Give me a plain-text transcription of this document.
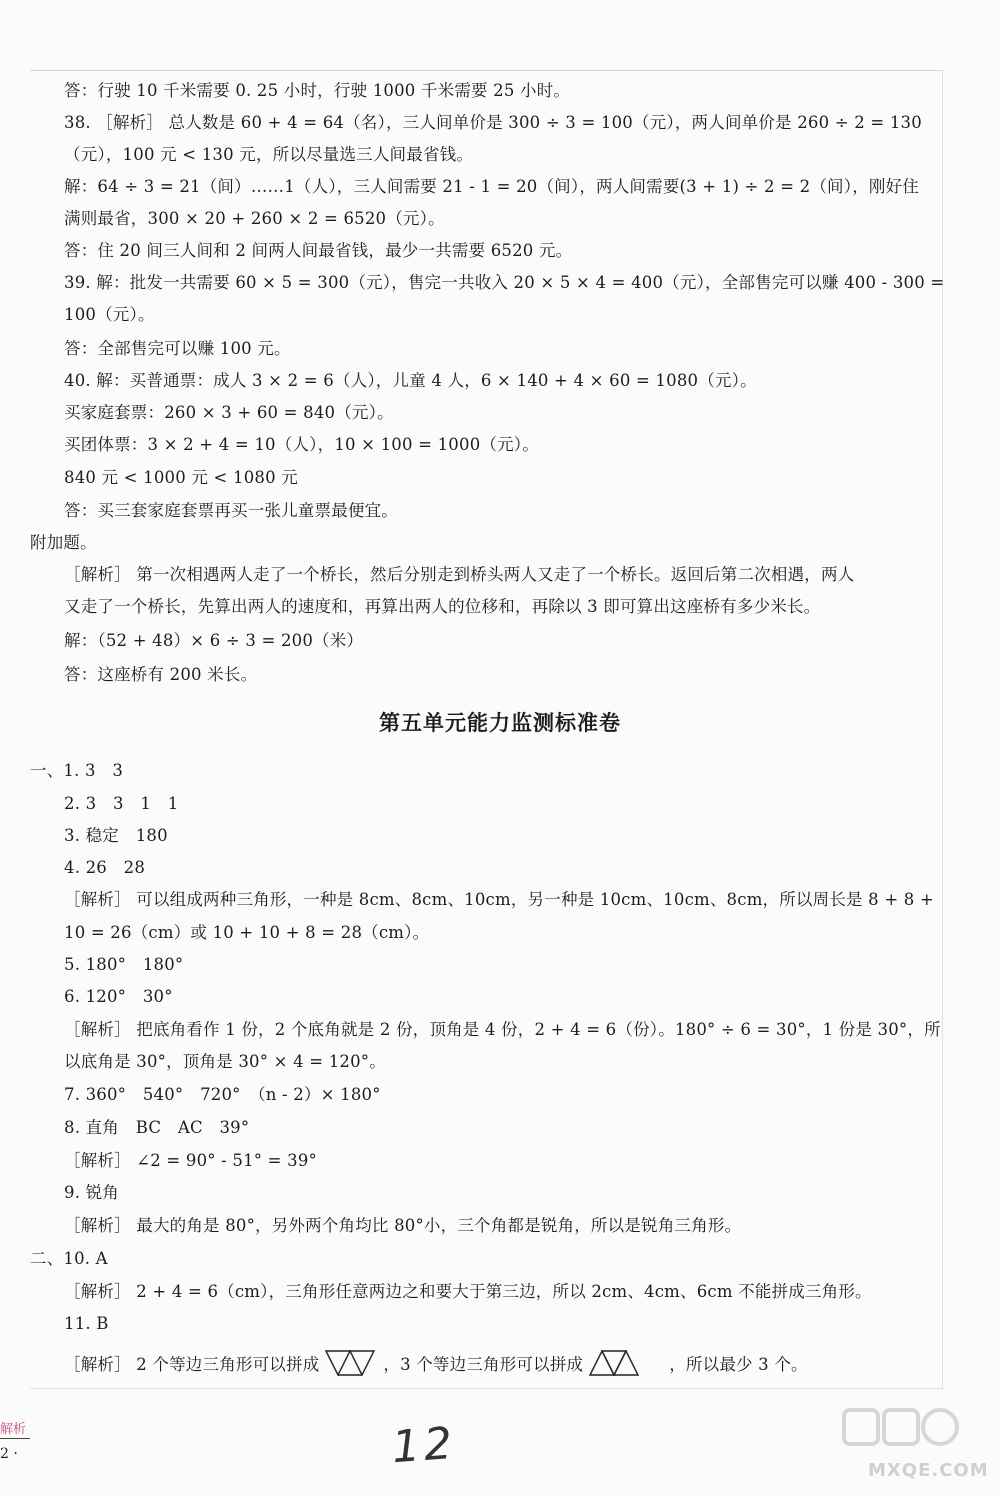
答：行驶 10 千米需要 0. 25 小时，行驶 1000 千米需要 25 小时。
38. ［解析］ 总人数是 60 + 4 = 64（名），三人间单价是 300 ÷ 3 = 100（元），两人间单价是 260 ÷ 2 = 130
（元），100 元 < 130 元，所以尽量选三人间最省钱。
解：64 ÷ 3 = 21（间）……1（人），三人间需要 21 - 1 = 20（间），两人间需要(3 + 1) ÷ 2 = 2（间），刚好住
满则最省，300 × 20 + 260 × 2 = 6520（元）。
答：住 20 间三人间和 2 间两人间最省钱，最少一共需要 6520 元。
39. 解：批发一共需要 60 × 5 = 300（元），售完一共收入 20 × 5 × 4 = 400（元），全部售完可以赚 400 - 300 =
100（元）。
答：全部售完可以赚 100 元。
40. 解：买普通票：成人 3 × 2 = 6（人），儿童 4 人，6 × 140 + 4 × 60 = 1080（元）。
买家庭套票：260 × 3 + 60 = 840（元）。
买团体票：3 × 2 + 4 = 10（人），10 × 100 = 1000（元）。
840 元 < 1000 元 < 1080 元
答：买三套家庭套票再买一张儿童票最便宜。
附加题。
［解析］ 第一次相遇两人走了一个桥长，然后分别走到桥头两人又走了一个桥长。返回后第二次相遇，两人
又走了一个桥长，先算出两人的速度和，再算出两人的位移和，再除以 3 即可算出这座桥有多少米长。
解：（52 + 48）× 6 ÷ 3 = 200（米）
答：这座桥有 200 米长。
第五单元能力监测标准卷
一、1. 3　3
2. 3　3　1　1
3. 稳定　180
4. 26　28
［解析］ 可以组成两种三角形，一种是 8cm、8cm、10cm，另一种是 10cm、10cm、8cm，所以周长是 8 + 8 +
10 = 26（cm）或 10 + 10 + 8 = 28（cm）。
5. 180°　180°
6. 120°　30°
［解析］ 把底角看作 1 份，2 个底角就是 2 份，顶角是 4 份，2 + 4 = 6（份）。180° ÷ 6 = 30°，1 份是 30°，所
以底角是 30°，顶角是 30° × 4 = 120°。
7. 360°　540°　720°　（n - 2）× 180°
8. 直角　BC　AC　39°
［解析］ ∠2 = 90° - 51° = 39°
9. 锐角
［解析］ 最大的角是 80°，另外两个角均比 80°小，三个角都是锐角，所以是锐角三角形。
二、10. A
［解析］ 2 + 4 = 6（cm），三角形任意两边之和要大于第三边，所以 2cm、4cm、6cm 不能拼成三角形。
11. B
［解析］ 2 个等边三角形可以拼成	，3 个等边三角形可以拼成	，所以最少 3 个。
解析
2 ·	12	MXQE.COM
